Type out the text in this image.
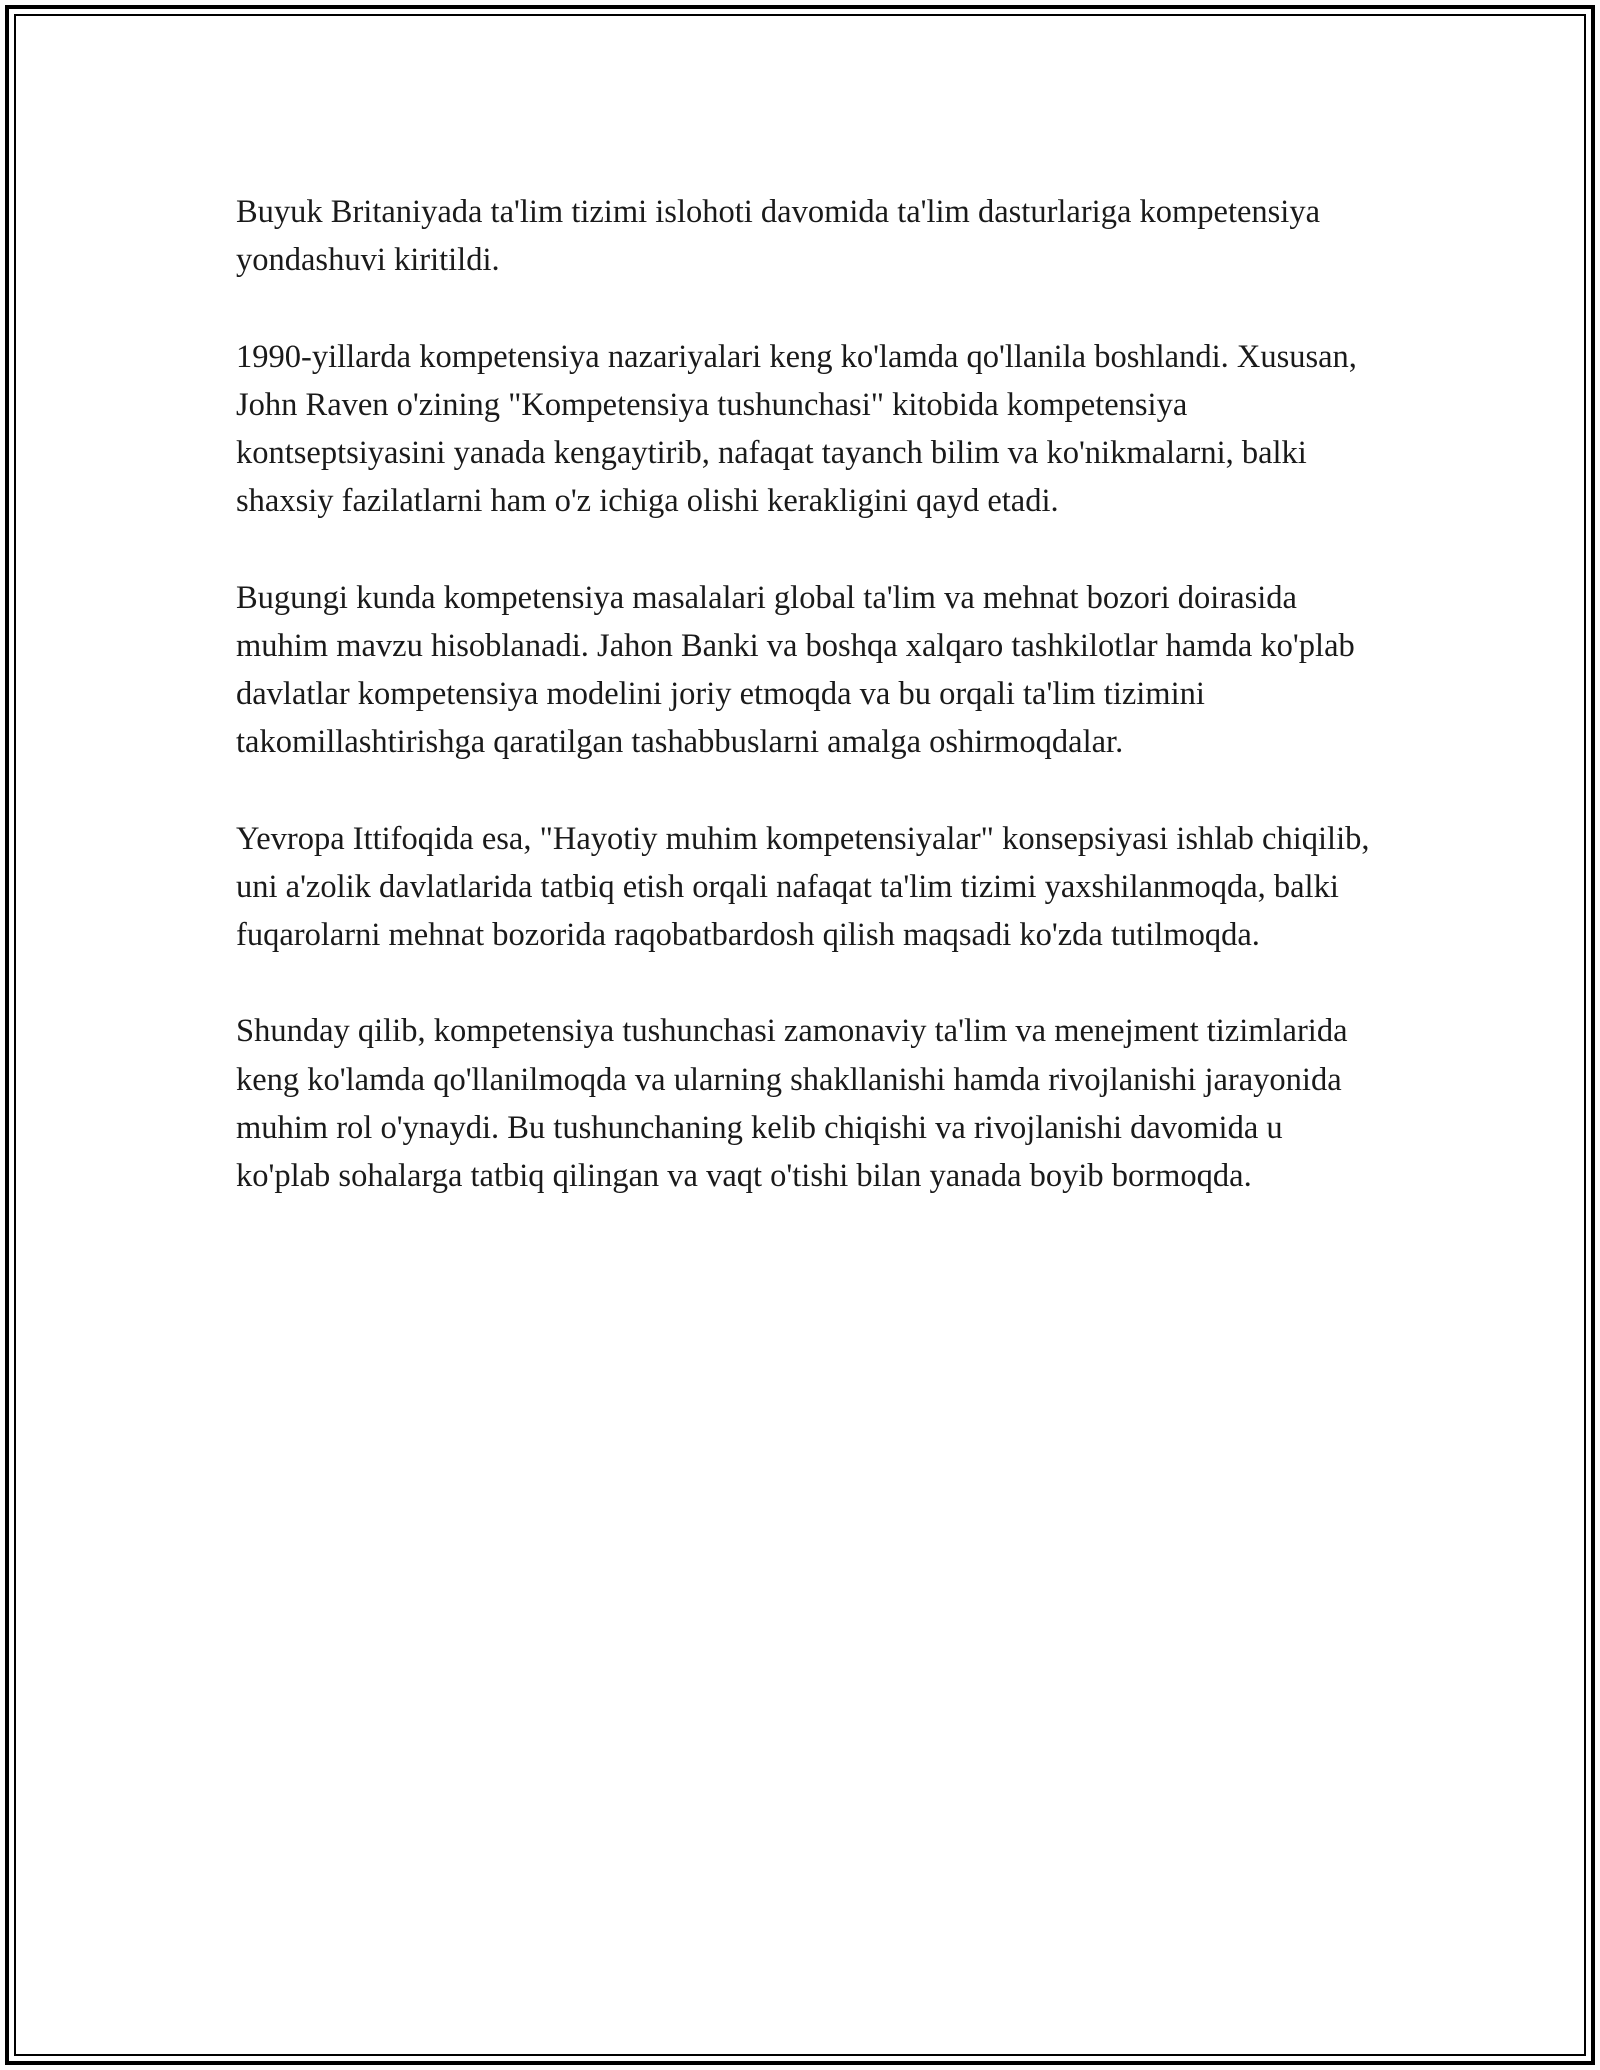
Buyuk Britaniyada ta'lim tizimi islohoti davomida ta'lim dasturlariga kompetensiya yondashuvi kiritildi.

1990-yillarda kompetensiya nazariyalari keng ko'lamda qo'llanila boshlandi. Xususan, John Raven o'zining "Kompetensiya tushunchasi" kitobida kompetensiya kontseptsiyasini yanada kengaytirib, nafaqat tayanch bilim va ko'nikmalarni, balki shaxsiy fazilatlarni ham o'z ichiga olishi kerakligini qayd etadi.

Bugungi kunda kompetensiya masalalari global ta'lim va mehnat bozori doirasida muhim mavzu hisoblanadi. Jahon Banki va boshqa xalqaro tashkilotlar hamda ko'plab davlatlar kompetensiya modelini joriy etmoqda va bu orqali ta'lim tizimini takomillashtirishga qaratilgan tashabbuslarni amalga oshirmoqdalar.

Yevropa Ittifoqida esa, "Hayotiy muhim kompetensiyalar" konsepsiyasi ishlab chiqilib, uni a'zolik davlatlarida tatbiq etish orqali nafaqat ta'lim tizimi yaxshilanmoqda, balki fuqarolarni mehnat bozorida raqobatbardosh qilish maqsadi ko'zda tutilmoqda.

Shunday qilib, kompetensiya tushunchasi zamonaviy ta'lim va menejment tizimlarida keng ko'lamda qo'llanilmoqda va ularning shakllanishi hamda rivojlanishi jarayonida muhim rol o'ynaydi. Bu tushunchaning kelib chiqishi va rivojlanishi davomida u ko'plab sohalarga tatbiq qilingan va vaqt o'tishi bilan yanada boyib bormoqda.
